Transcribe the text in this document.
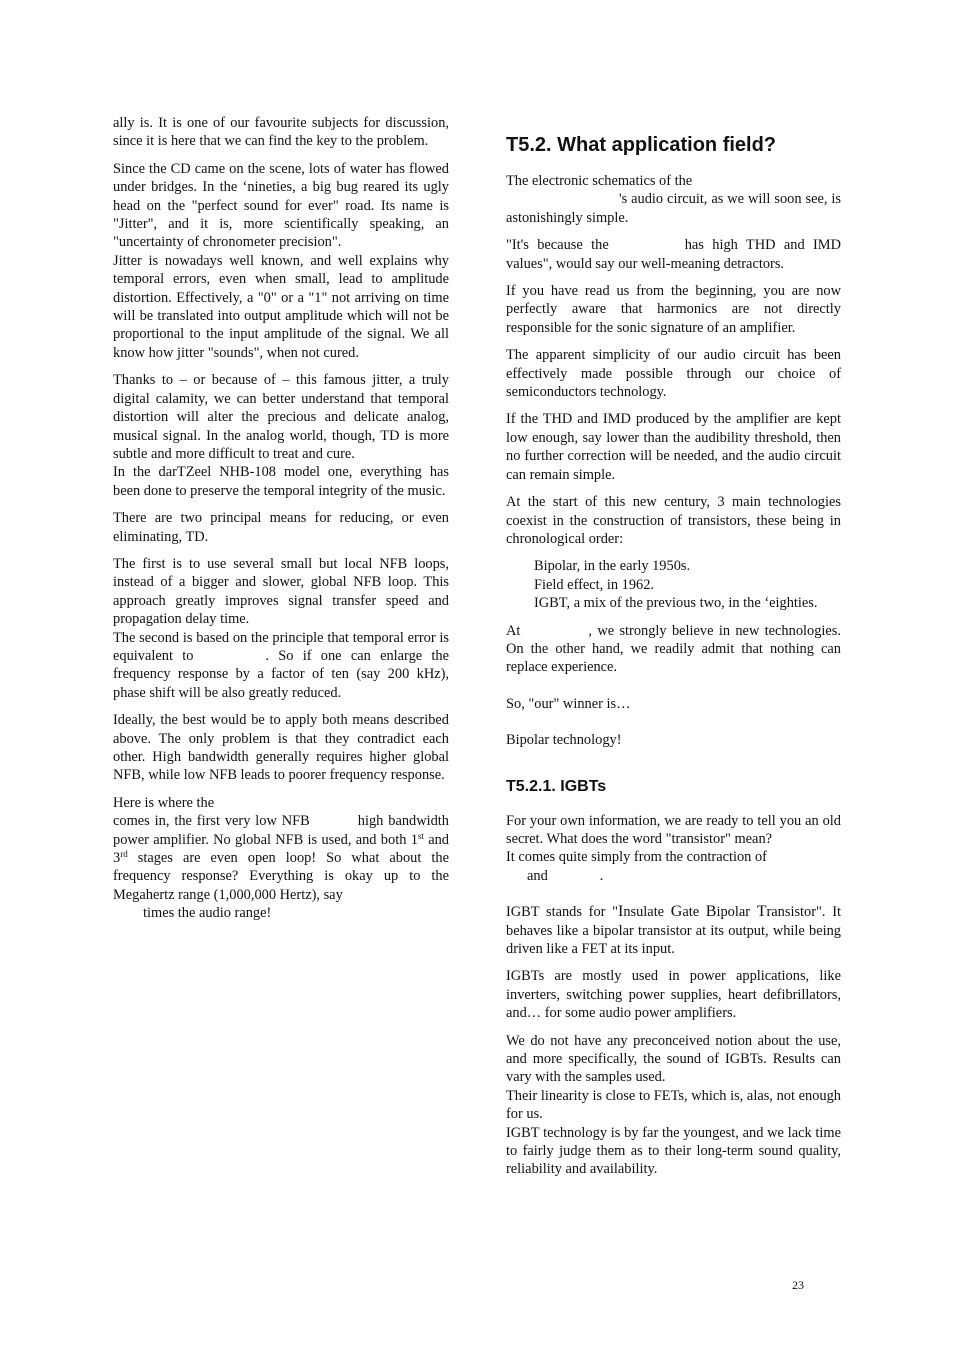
ally is. It is one of our favourite subjects for discussion, since it is here that we can find the key to the problem.

Since the CD came on the scene, lots of water has flowed under bridges. In the ‘nineties, a big bug reared its ugly head on the "perfect sound for ever" road. Its name is "Jitter", and it is, more scientifically speaking, an "uncertainty of chronometer precision".

Jitter is nowadays well known, and well explains why temporal errors, even when small, lead to amplitude distortion. Effectively, a "0" or a "1" not arriving on time will be translated into output amplitude which will not be proportional to the input amplitude of the signal. We all know how jitter "sounds", when not cured.

Thanks to – or because of – this famous jitter, a truly digital calamity, we can better understand that temporal distortion will alter the precious and delicate analog, musical signal. In the analog world, though, TD is more subtle and more difficult to treat and cure.

In the darTZeel NHB-108 model one, everything has been done to preserve the temporal integrity of the music.

There are two principal means for reducing, or even eliminating, TD.

The first is to use several small but local NFB loops, instead of a bigger and slower, global NFB loop. This approach greatly improves signal transfer speed and propagation delay time.

The second is based on the principle that temporal error is equivalent to	. So if one can enlarge the frequency response by a factor of ten (say 200 kHz), phase shift will be also greatly reduced.

Ideally, the best would be to apply both means described above. The only problem is that they contradict each other. High bandwidth generally requires higher global NFB, while low NFB leads to poorer frequency response.

Here is where the

comes in, the first very low NFB	high bandwidth power amplifier. No global NFB is used, and both 1st and 3rd stages are even open loop! So what about the frequency response? Everything is okay up to the Megahertz range (1,000,000 Hertz), say
times the audio range!

T5.2. What application field?

The electronic schematics of the
's audio circuit, as we will soon see, is astonishingly simple.

"It's because the	has high THD and IMD values", would say our well-meaning detractors.

If you have read us from the beginning, you are now perfectly aware that harmonics are not directly responsible for the sonic signature of an amplifier.

The apparent simplicity of our audio circuit has been effectively made possible through our choice of semiconductors technology.

If the THD and IMD produced by the amplifier are kept low enough, say lower than the audibility threshold, then no further correction will be needed, and the audio circuit can remain simple.

At the start of this new century, 3 main technologies coexist in the construction of transistors, these being in chronological order:

Bipolar, in the early 1950s.

Field effect, in 1962.

IGBT, a mix of the previous two, in the ‘eighties.

At	, we strongly believe in new technologies. On the other hand, we readily admit that nothing can replace experience.

So, "our" winner is…

Bipolar technology!

T5.2.1. IGBTs

For your own information, we are ready to tell you an old secret. What does the word "transistor" mean?

It comes quite simply from the contraction of
and	.

IGBT stands for "Insulate Gate Bipolar Transistor". It behaves like a bipolar transistor at its output, while being driven like a FET at its input.

IGBTs are mostly used in power applications, like inverters, switching power supplies, heart defibrillators, and… for some audio power amplifiers.

We do not have any preconceived notion about the use, and more specifically, the sound of IGBTs. Results can vary with the samples used.

Their linearity is close to FETs, which is, alas, not enough for us.

IGBT technology is by far the youngest, and we lack time to fairly judge them as to their long-term sound quality, reliability and availability.

23
